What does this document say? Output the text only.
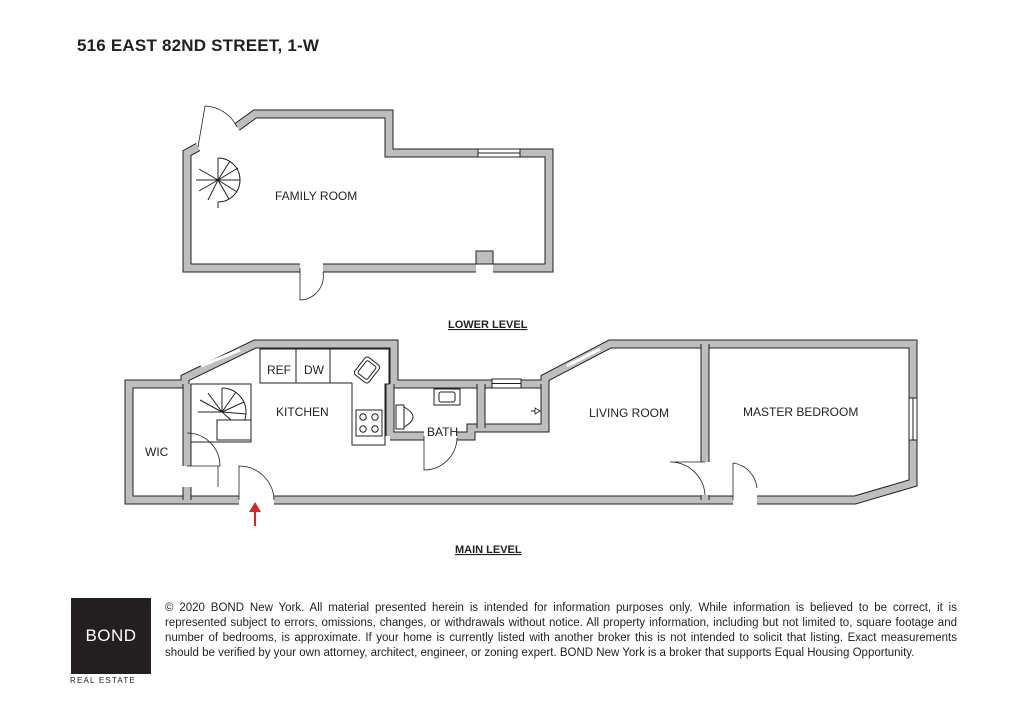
516 EAST 82ND STREET, 1-W
FAMILY ROOM
LOWER LEVEL
REF DW
KITCHEN
WIC
BATH
LIVING ROOM	MASTER BEDROOM
MAIN LEVEL
BOND
REAL ESTATE
© 2020 BOND New York. All material presented herein is intended for information purposes only. While information is believed to be correct, it is represented subject to errors, omissions, changes, or withdrawals without notice. All property information, including but not limited to, square footage and number of bedrooms, is approximate. If your home is currently listed with another broker this is not intended to solicit that listing. Exact measurements should be verified by your own attorney, architect, engineer, or zoning expert. BOND New York is a broker that supports Equal Housing Opportunity.
